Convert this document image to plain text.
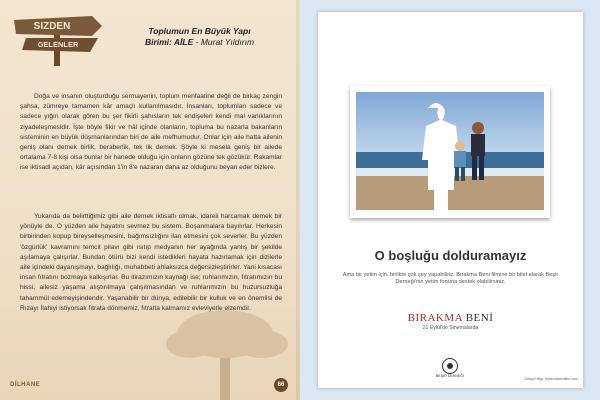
SIZDEN
GELENLER
Toplumun En Büyük Yapı
Birimi: AİLE - Murat Yıldırım

Doğa ve insanın oluşturduğu sermayenin, toplum menfaatine değil de birkaç zengin şahsa, zümreye tamamen kâr amaçlı kullanılmasıdır. İnsanları, toplumları sadece ve sadece yığın olarak gören bu şer fikirli şahısların tek endişeleri kendi mal varlıklarının ziyadeleşmesidir. İşte böyle fikir ve hâl içinde olanların, topluma bu nazarla bakanların sisteminin en büyük düşmanlarından biri de aile mefhumudur. Onlar için aile hatta ailenin geniş olanı demek birlik, beraberlik, tek lik demek. Şöyle ki mesela geniş bir ailede ortalama 7-8 kişi olsa bunlar bir hanede olduğu için onların gözüne tek gözükür. Rakamlar ise iktisadi açıdan, kâr açısından 1'in 8'e nazaran daha az olduğunu beyan eder bizlere.

Yukarıda da belirttiğimiz gibi aile demek iktisatlı olmak, idareli harcamak demek bir yönüyle de. O yüzden aile hayatını sevmez bu sistem. Boşanmalara bayılırlar. Herkesin birbirinden kopup bireyselleşmesini, bağımsızlığını ilan etmesini çok severler. Bu yüzden 'özgürlük' kavramını temcit pilavı gibi ısıtıp medyanın her ayağında yanlış bir şekilde aşılamaya çalışırlar. Bundan ötürü bizi kendi istedikleri hayata hazırlamak için dizilerle aile içindeki dayanışmayı, bağlılığı, muhabbeti ahlaksızca değersizleştirirler. Yani kısacası insan fıtratını bozmaya kalkışırlar. Bu itirazımızın kaynağı ise; ruhlarımızın, fıtratımızın bu hissi, ailesiz yaşama alıştırılmaya çalışılmasından ve ruhlarımızın bu huzursuzluğa tahammül edemeyişindendir. Yaşanabilir bir dünya, edilebilir bir kulluk ve en önemlisi de Rızayı İlahiyi istiyorsak fıtrata dönmemiz, fıtratta kalmamız evleviyetle elzemdir.

DİLHANE	66
O boşluğu dolduramayız

Ama bir yetim için, birlikte çok şey yapabiliriz. Bırakma Beni filmine bir bilet alarak Beşir Derneği'nin yetim fonuna destek olabilirsiniz.

BIRAKMA BENİ
21 Eylül'de Sinemalarda
BEŞİR DERNEĞİ
Detaylı bilgi: birakmabenifilm.com
